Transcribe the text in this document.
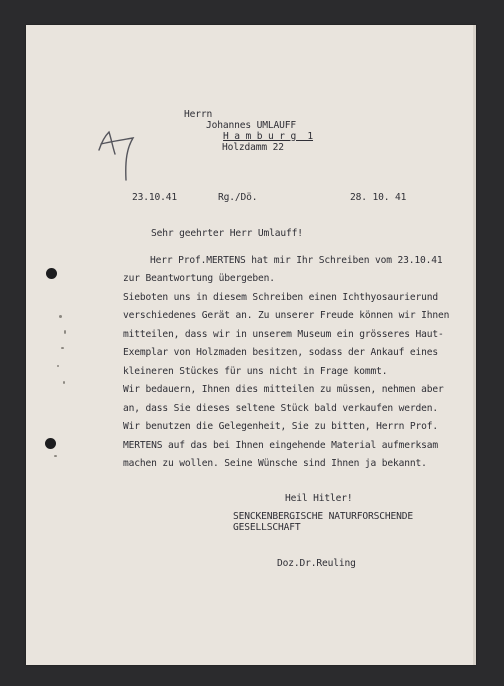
Herrn

Johannes UMLAUFF

H a m b u r g  1

Holzdamm 22

23.10.41	Rg./Dö.	28. 10. 41

Sehr geehrter Herr Umlauff!

Herr Prof.MERTENS hat mir Ihr Schreiben vom 23.10.41

zur Beantwortung übergeben.

Sieboten uns in diesem Schreiben einen Ichthyosaurierund

verschiedenes Gerät an. Zu unserer Freude können wir Ihnen

mitteilen, dass wir in unserem Museum ein grösseres Haut-

Exemplar von Holzmaden besitzen, sodass der Ankauf eines

kleineren Stückes für uns nicht in Frage kommt.

Wir bedauern, Ihnen dies mitteilen zu müssen, nehmen aber

an, dass Sie dieses seltene Stück bald verkaufen werden.

Wir benutzen die Gelegenheit, Sie zu bitten, Herrn Prof.

MERTENS auf das bei Ihnen eingehende Material aufmerksam

machen zu wollen. Seine Wünsche sind Ihnen ja bekannt.

Heil Hitler!

SENCKENBERGISCHE NATURFORSCHENDE

GESELLSCHAFT

Doz.Dr.Reuling
